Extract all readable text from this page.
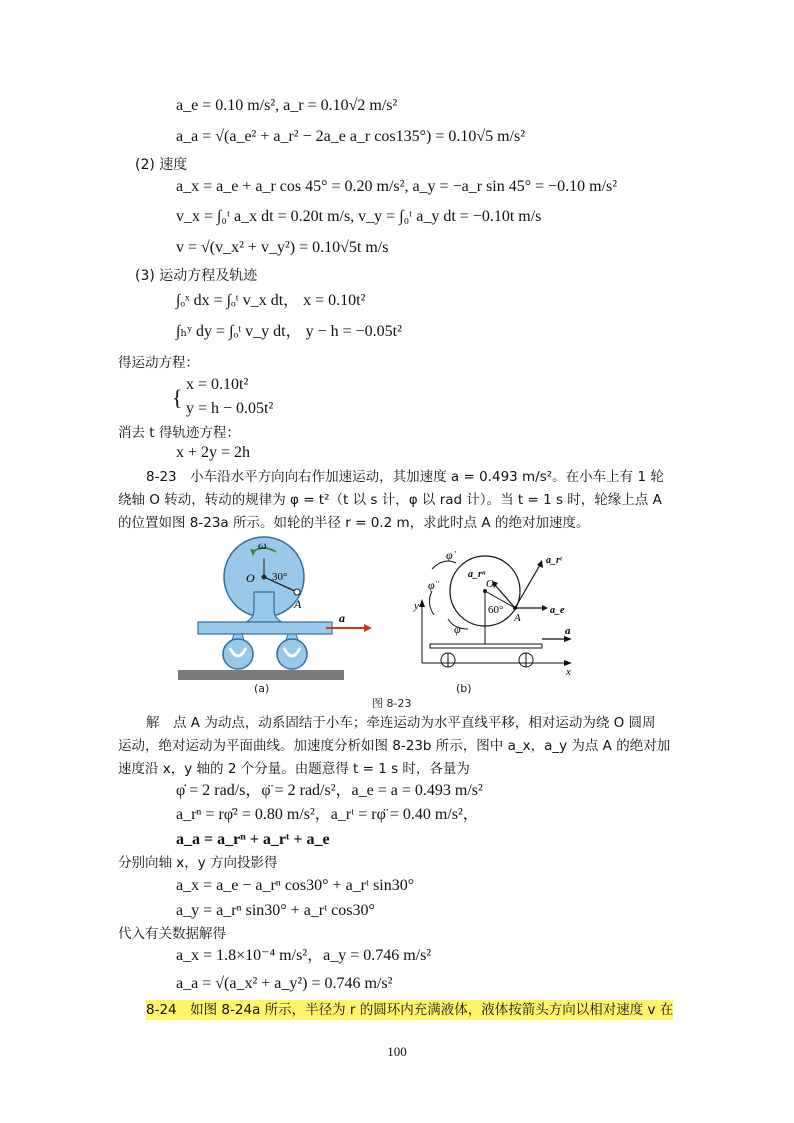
a_e = 0.10 m/s², a_r = 0.10√2 m/s²
a_a = √(a_e² + a_r² − 2a_e a_r cos135°) = 0.10√5 m/s²
(2) 速度
a_x = a_e + a_r cos 45° = 0.20 m/s², a_y = −a_r sin 45° = −0.10 m/s²
v_x = ∫₀ᵗ a_x dt = 0.20t m/s, v_y = ∫₀ᵗ a_y dt = −0.10t m/s
v = √(v_x² + v_y²) = 0.10√5t m/s
(3) 运动方程及轨迹
∫ₒˣ dx = ∫ₒᵗ v_x dt， x = 0.10t²
∫ₕʸ dy = ∫ₒᵗ v_y dt， y − h = −0.05t²
得运动方程：
{
x = 0.10t²
y = h − 0.05t²
消去 t 得轨迹方程：
x + 2y = 2h
8-23　小车沿水平方向向右作加速运动，其加速度 a = 0.493 m/s²。在小车上有 1 轮
绕轴 O 转动，转动的规律为 φ = t²（t 以 s 计，φ 以 rad 计）。当 t = 1 s 时，轮缘上点 A
的位置如图 8-23a 所示。如轮的半径 r = 0.2 m，求此时点 A 的绝对加速度。
ω
O 30°
A
a
φ̇
φ̈
φ
O
60°
A
a_rⁿ
a_rᵗ
a_e
a
y
x
(a)	(b)
图 8-23
解　点 A 为动点，动系固结于小车；牵连运动为水平直线平移，相对运动为绕 O 圆周
运动，绝对运动为平面曲线。加速度分析如图 8-23b 所示，图中 a_x，a_y 为点 A 的绝对加
速度沿 x，y 轴的 2 个分量。由题意得 t = 1 s 时，各量为
φ̇ = 2 rad/s，φ̈ = 2 rad/s²，a_e = a = 0.493 m/s²
a_rⁿ = rφ̇² = 0.80 m/s²，a_rᵗ = rφ̈ = 0.40 m/s²，
a_a = a_rⁿ + a_rᵗ + a_e
分别向轴 x，y 方向投影得
a_x = a_e − a_rⁿ cos30° + a_rᵗ sin30°
a_y = a_rⁿ sin30° + a_rᵗ cos30°
代入有关数据解得
a_x = 1.8×10⁻⁴ m/s²，a_y = 0.746 m/s²
a_a = √(a_x² + a_y²) = 0.746 m/s²
8-24　如图 8-24a 所示，半径为 r 的圆环内充满液体，液体按箭头方向以相对速度 v 在
100
